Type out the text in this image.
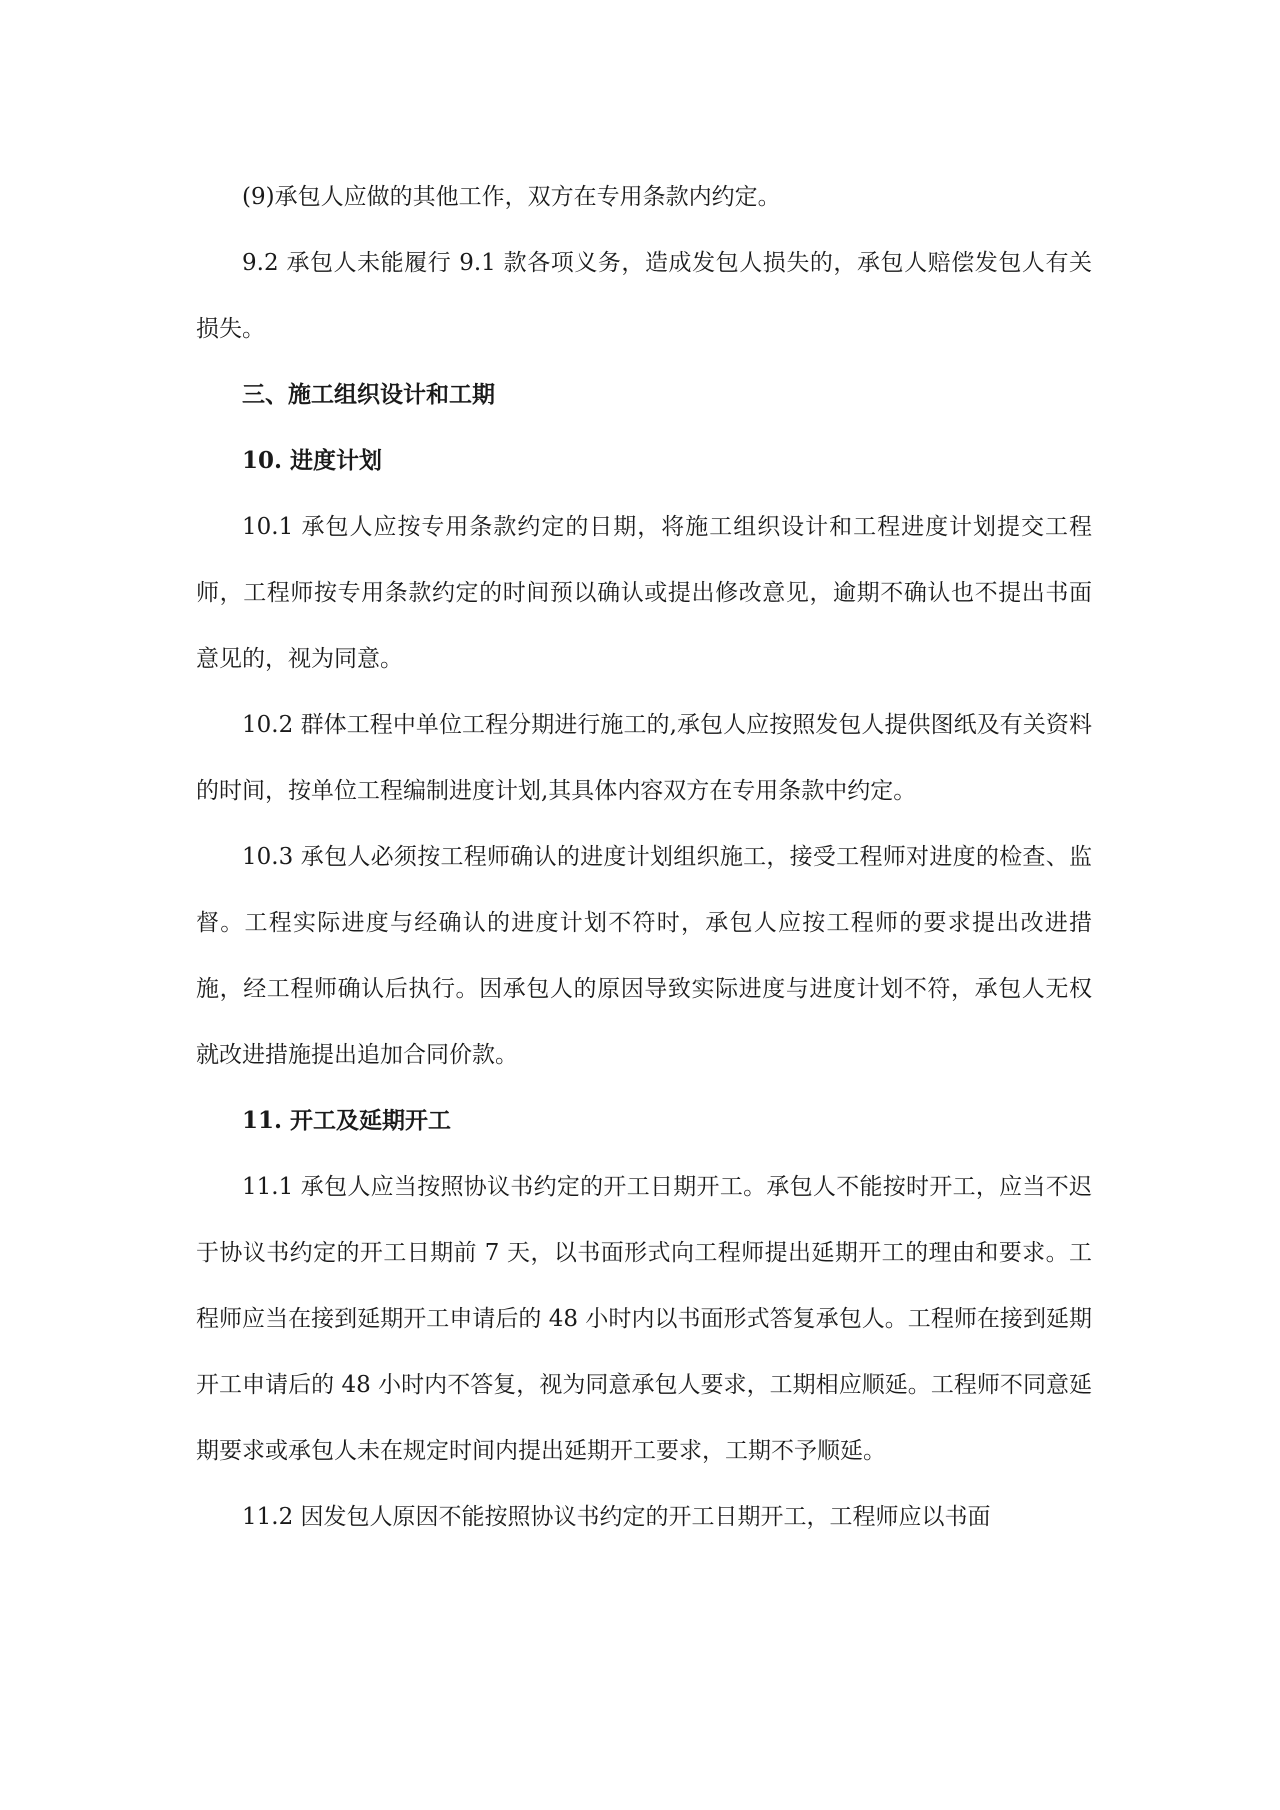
(9)承包人应做的其他工作，双方在专用条款内约定。

9.2 承包人未能履行 9.1 款各项义务，造成发包人损失的，承包人赔偿发包人有关损失。

三、施工组织设计和工期

10. 进度计划

10.1 承包人应按专用条款约定的日期，将施工组织设计和工程进度计划提交工程师，工程师按专用条款约定的时间预以确认或提出修改意见，逾期不确认也不提出书面意见的，视为同意。

10.2 群体工程中单位工程分期进行施工的,承包人应按照发包人提供图纸及有关资料的时间，按单位工程编制进度计划,其具体内容双方在专用条款中约定。

10.3 承包人必须按工程师确认的进度计划组织施工，接受工程师对进度的检查、监督。工程实际进度与经确认的进度计划不符时，承包人应按工程师的要求提出改进措施，经工程师确认后执行。因承包人的原因导致实际进度与进度计划不符，承包人无权就改进措施提出追加合同价款。

11. 开工及延期开工

11.1 承包人应当按照协议书约定的开工日期开工。承包人不能按时开工，应当不迟于协议书约定的开工日期前 7 天，以书面形式向工程师提出延期开工的理由和要求。工程师应当在接到延期开工申请后的 48 小时内以书面形式答复承包人。工程师在接到延期开工申请后的 48 小时内不答复，视为同意承包人要求，工期相应顺延。工程师不同意延期要求或承包人未在规定时间内提出延期开工要求，工期不予顺延。

11.2 因发包人原因不能按照协议书约定的开工日期开工，工程师应以书面
